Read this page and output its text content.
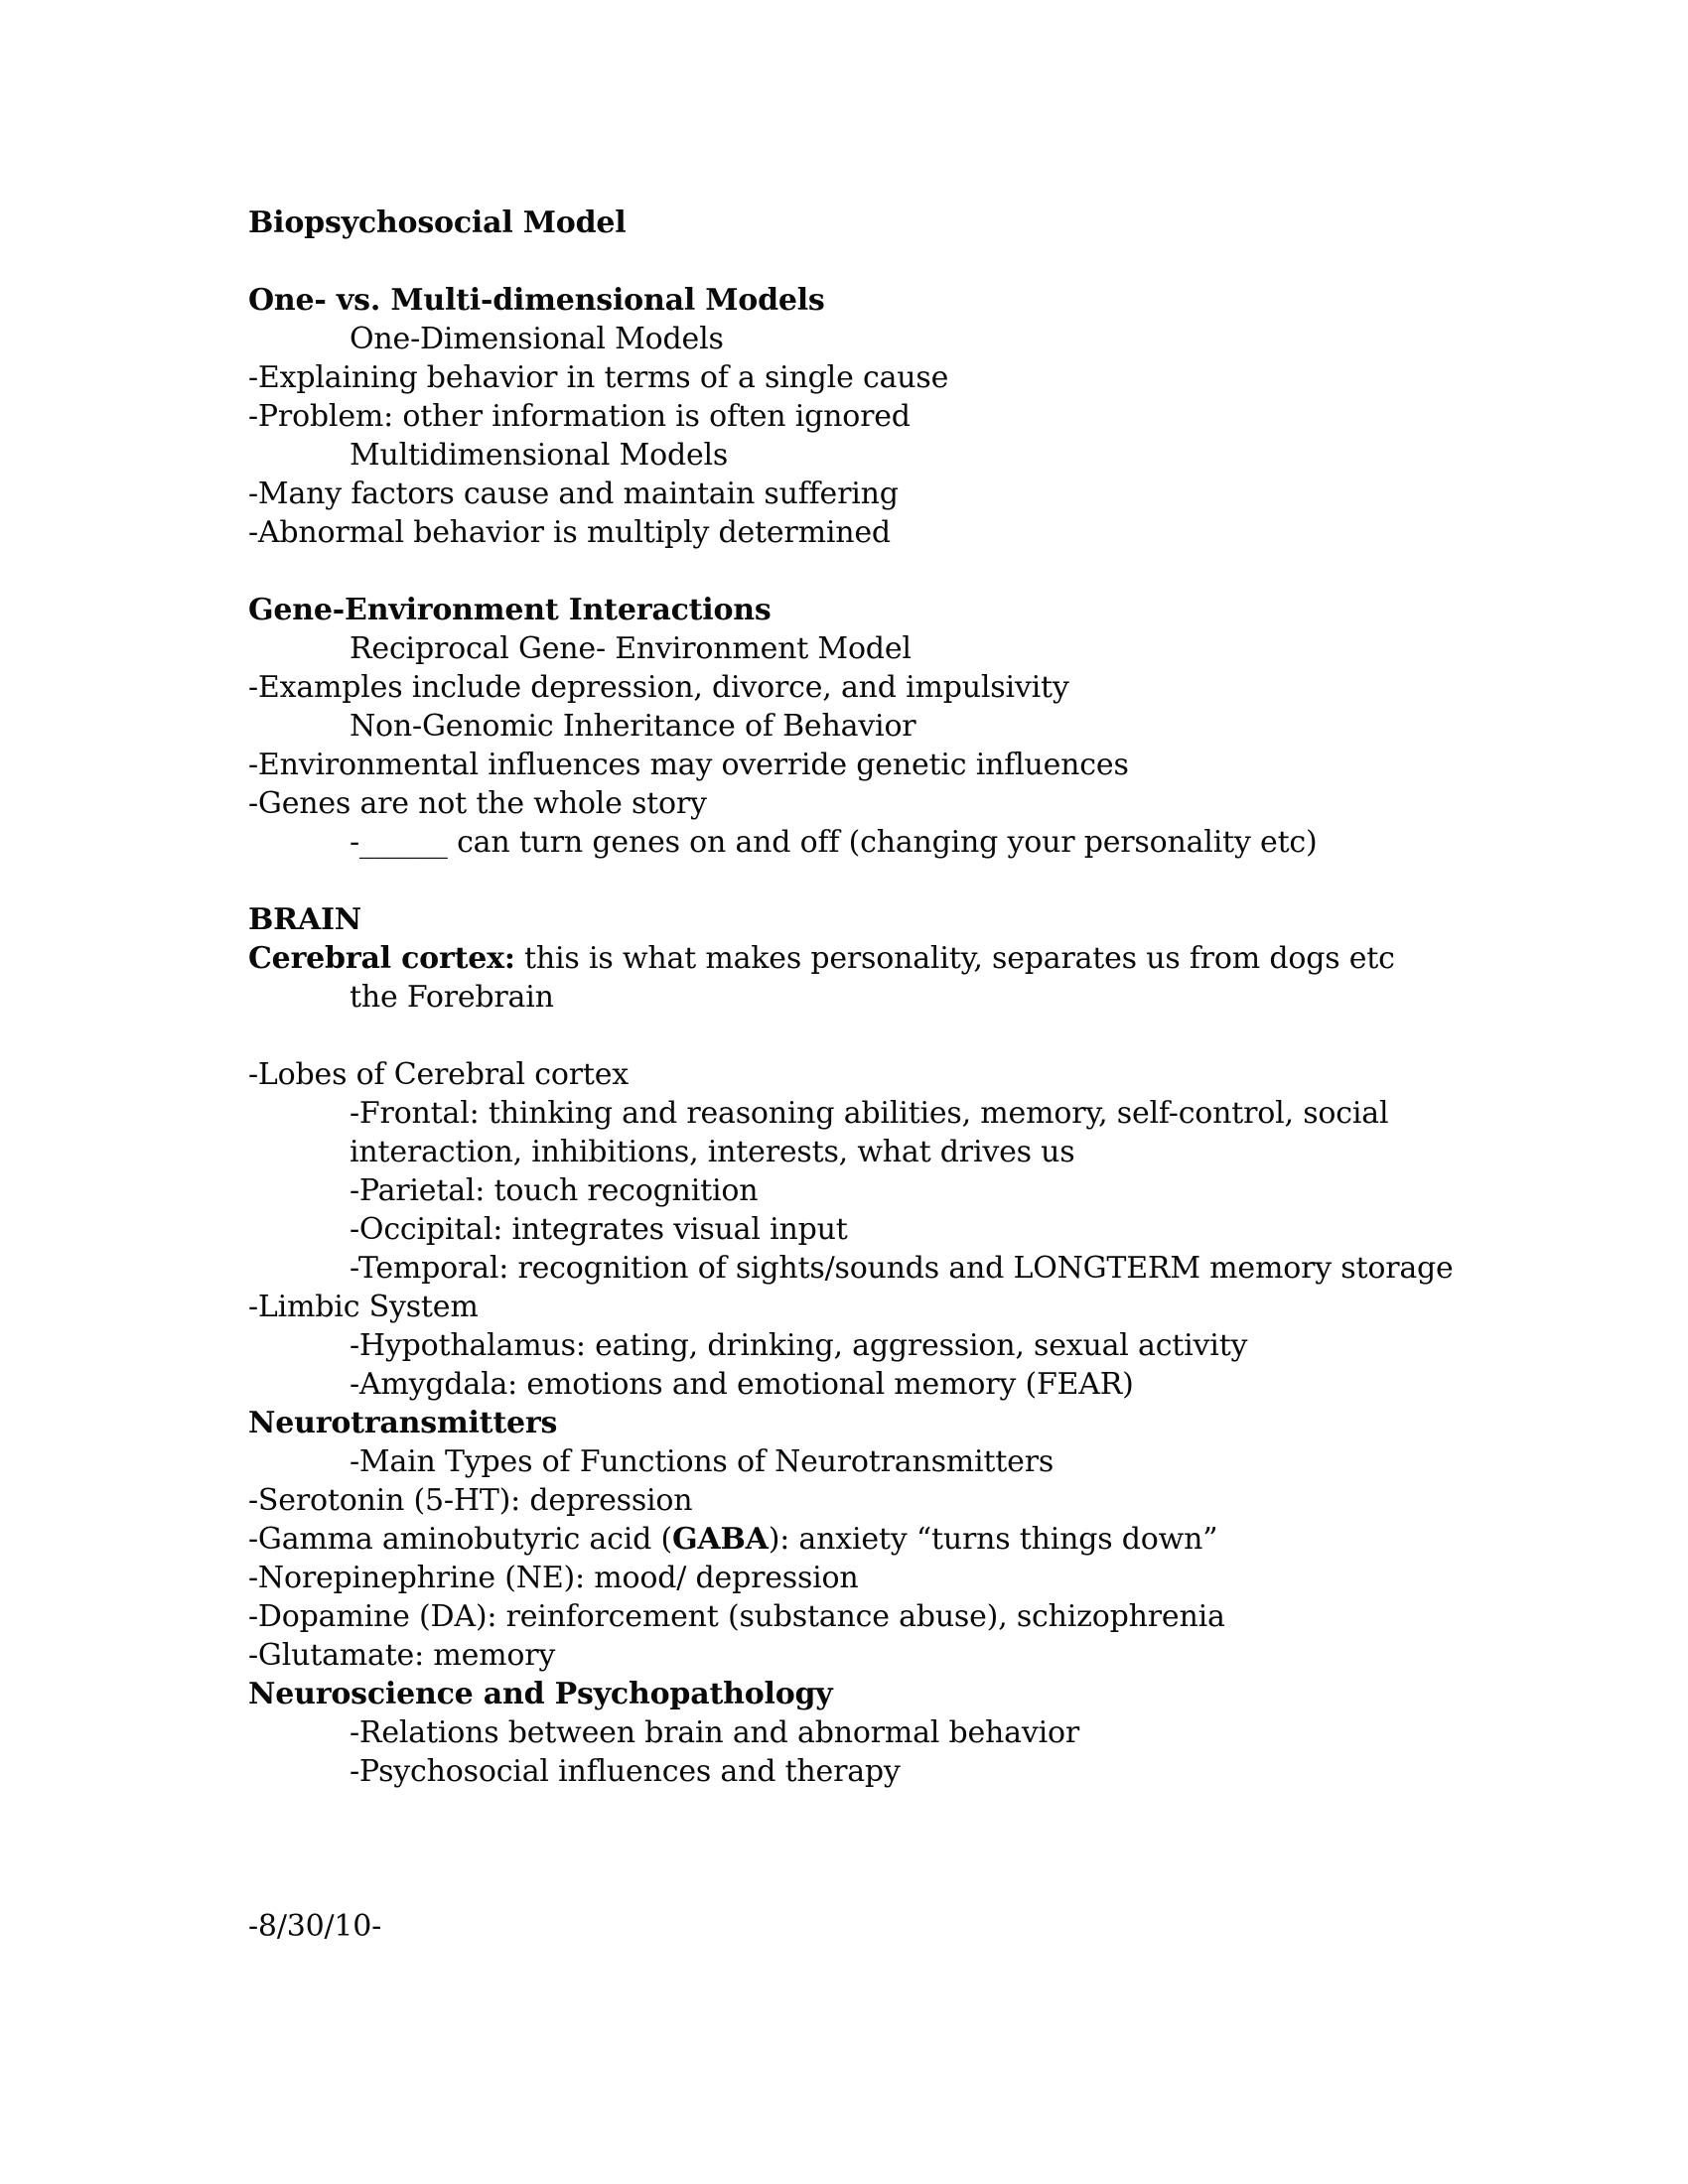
Biopsychosocial Model
One- vs. Multi-dimensional Models
One-Dimensional Models
-Explaining behavior in terms of a single cause
-Problem: other information is often ignored
Multidimensional Models
-Many factors cause and maintain suffering
-Abnormal behavior is multiply determined
Gene-Environment Interactions
Reciprocal Gene- Environment Model
-Examples include depression, divorce, and impulsivity
Non-Genomic Inheritance of Behavior
-Environmental influences may override genetic influences
-Genes are not the whole story
-______ can turn genes on and off (changing your personality etc)
BRAIN
Cerebral cortex: this is what makes personality, separates us from dogs etc
the Forebrain
-Lobes of Cerebral cortex
-Frontal: thinking and reasoning abilities, memory, self-control, social
interaction, inhibitions, interests, what drives us
-Parietal: touch recognition
-Occipital: integrates visual input
-Temporal: recognition of sights/sounds and LONGTERM memory storage
-Limbic System
-Hypothalamus: eating, drinking, aggression, sexual activity
-Amygdala: emotions and emotional memory (FEAR)
Neurotransmitters
-Main Types of Functions of Neurotransmitters
-Serotonin (5-HT): depression
-Gamma aminobutyric acid (GABA): anxiety “turns things down”
-Norepinephrine (NE): mood/ depression
-Dopamine (DA): reinforcement (substance abuse), schizophrenia
-Glutamate: memory
Neuroscience and Psychopathology
-Relations between brain and abnormal behavior
-Psychosocial influences and therapy
-8/30/10-
